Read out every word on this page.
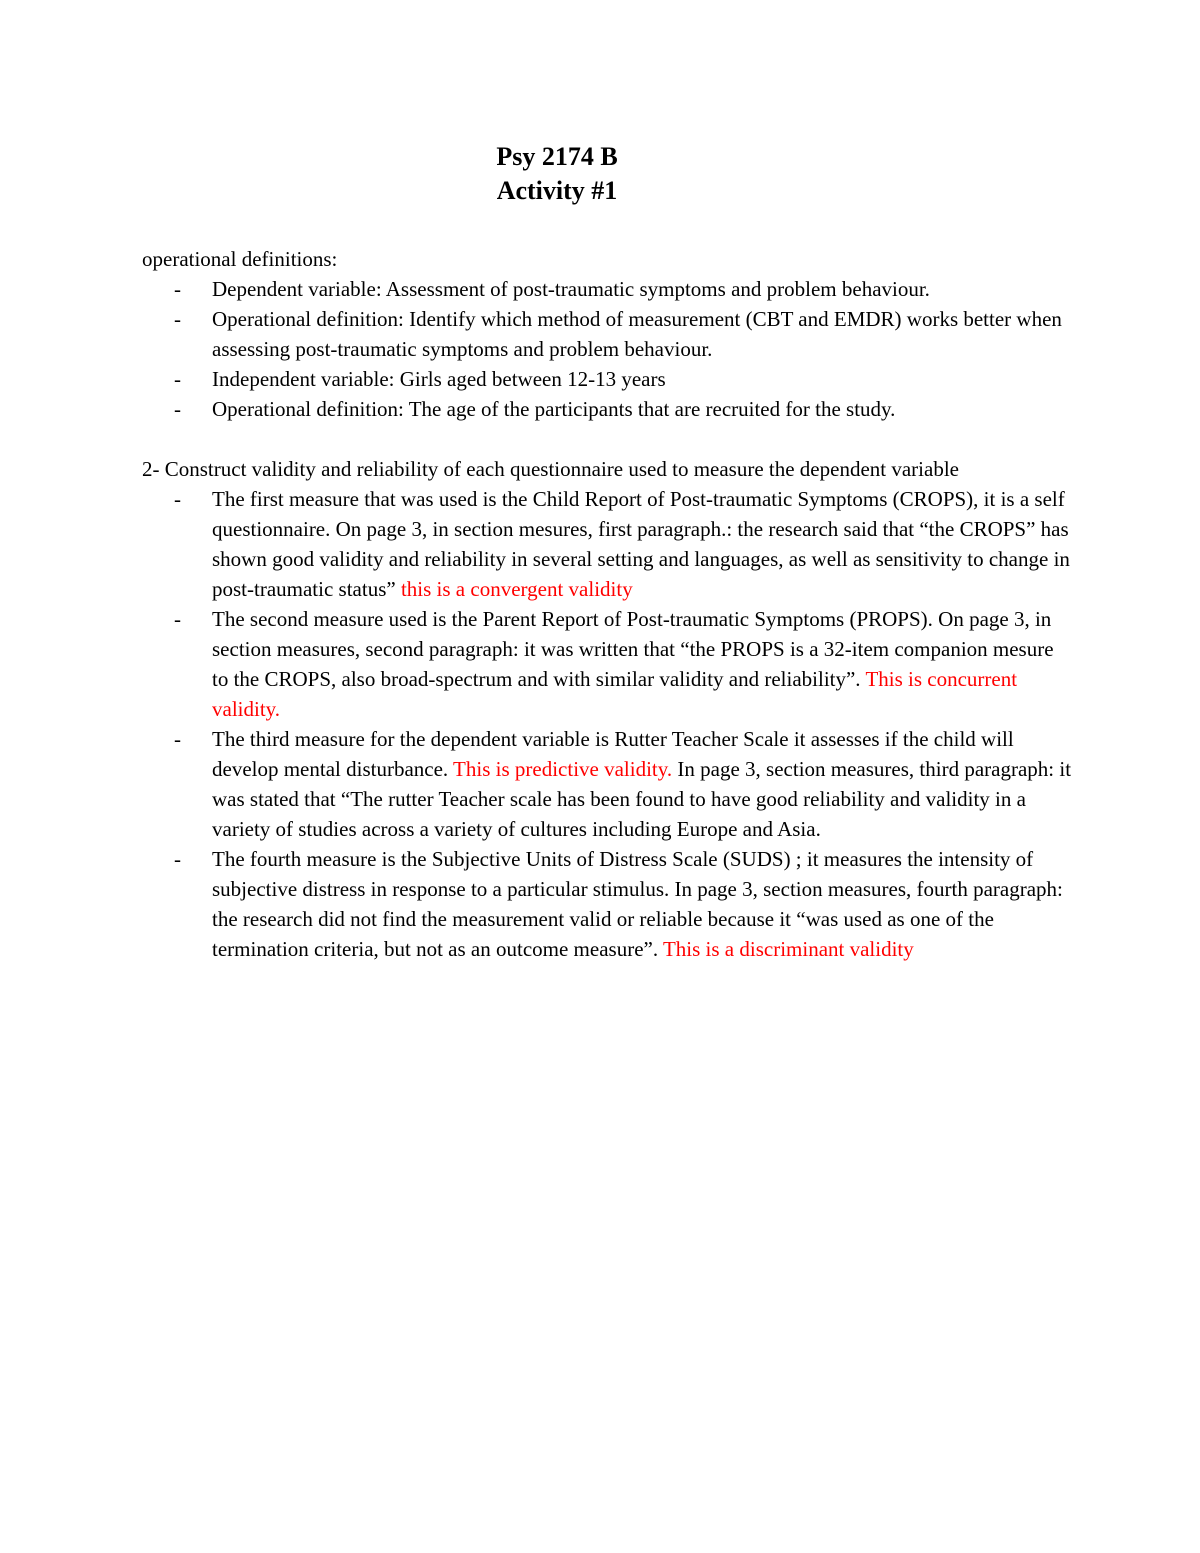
Psy 2174 B
Activity #1

operational definitions:

- Dependent variable: Assessment of post-traumatic symptoms and problem behaviour.
- Operational definition: Identify which method of measurement (CBT and EMDR) works better when assessing post-traumatic symptoms and problem behaviour.
- Independent variable: Girls aged between 12-13 years
- Operational definition: The age of the participants that are recruited for the study.

2- Construct validity and reliability of each questionnaire used to measure the dependent variable

- The first measure that was used is the Child Report of Post-traumatic Symptoms (CROPS), it is a self questionnaire. On page 3, in section mesures, first paragraph.: the research said that “the CROPS” has shown good validity and reliability in several setting and languages, as well as sensitivity to change in post-traumatic status” this is a convergent validity
- The second measure used is the Parent Report of Post-traumatic Symptoms (PROPS). On page 3, in section measures, second paragraph: it was written that “the PROPS is a 32-item companion mesure to the CROPS, also broad-spectrum and with similar validity and reliability”. This is concurrent validity.
- The third measure for the dependent variable is Rutter Teacher Scale it assesses if the child will develop mental disturbance. This is predictive validity. In page 3, section measures, third paragraph: it was stated that “The rutter Teacher scale has been found to have good reliability and validity in a variety of studies across a variety of cultures including Europe and Asia.
- The fourth measure is the Subjective Units of Distress Scale (SUDS) ; it measures the intensity of subjective distress in response to a particular stimulus. In page 3, section measures, fourth paragraph: the research did not find the measurement valid or reliable because it “was used as one of the termination criteria, but not as an outcome measure”. This is a discriminant validity
